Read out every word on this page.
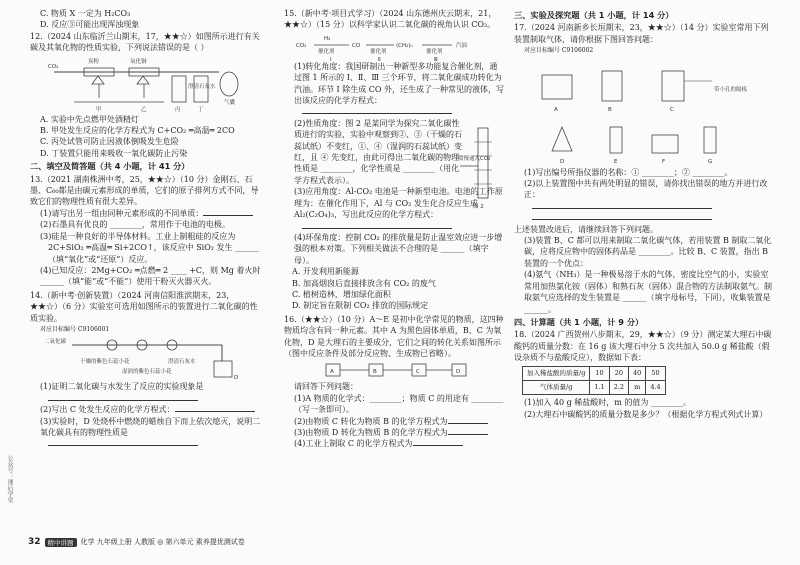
C. 物质 X 一定为 H₂CO₃

D. 反应③可能出现浑浊现象

12.（2024 山东临沂兰山期末，17，★★☆）如图所示进行有关碳及其氧化物的性质实验，下列说法错误的是（ ）

炭粉	氧化铜
CO₂
甲	乙	丙
澄清石灰水
丁
气囊

A. 实验中先点燃甲处酒精灯

B. 甲处发生反应的化学方程式为 C+CO₂ ═高温═ 2CO

C. 丙处试管可防止因液体倒吸发生危险

D. 丁装置只能用来吸收一氧化碳防止污染

二、填空及简答题（共 4 小题，计 41 分）

13.（2021 湖南株洲中考，25，★★☆）（10 分）金刚石、石墨、C₆₀都是由碳元素形成的单质，它们的原子排列方式不同，导致它们的物理性质有很大差异。

(1)请写出另一组由同种元素形成的不同单质：

(2)石墨具有优良的 ________，常用作干电池的电极。

(3)硅是一种良好的半导体材料。工业上制粗硅的反应为

2C+SiO₂ ═高温═ Si+2CO↑，该反应中 SiO₂ 发生 ______（填“氧化”或“还原”）反应。

(4)已知反应：2Mg+CO₂ ═点燃═ 2 ____ +C，则 Mg 着火时 ______（填“能”或“不能”）使用干粉灭火器灭火。

14.（新中考·创新装置）（2024 河南信阳淮滨期末，23，★★☆）（6 分）实验室可选用如图所示的装置进行二氧化碳的性质实验。

对应目标编号 C9106001

二氧化碳
干燥的紫色石蕊小花
湿润的紫色石蕊小花
澄清石灰水
D

(1)证明二氧化碳与水发生了反应的实验现象是

(2)写出 C 处发生反应的化学方程式：

(3)实验时，D 处烧杯中燃烧的蜡烛自下而上依次熄灭，说明二氧化碳具有的物理性质是

15.（新中考·项目式学习）（2024 山东德州庆云期末，21，★★☆）（15 分）以科学家认识二氧化碳的视角认识 CO₂。

CO₂
H₂
催化剂
CO
催化剂
(CH₂)ₙ
催化剂
汽油
Ⅰ	Ⅱ	Ⅲ

(1)转化角度：我国研制出一种新型多功能复合催化剂，通过图 1 所示的 Ⅰ、Ⅱ、Ⅲ 三个环节，将二氧化碳成功转化为汽油。环节 Ⅰ 除生成 CO 外，还生成了一种常见的液体，写出该反应的化学方程式：

(2)性质角度：图 2 是某同学为探究二氧化碳性质进行的实验，实验中观察到②、③（干燥的石蕊试纸）不变红，①、④（湿润的石蕊试纸）变红，且 ④ 先变红，由此可得出二氧化碳的物理性质是 ________，化学性质是 ________（用化学方程式表示）。

缓慢通入CO₂
图 2

(3)应用角度：Al-CO₂ 电池是一种新型电池。电池的工作原理为：在催化作用下，Al 与 CO₂ 发生化合反应生成 Al₂(C₂O₄)₃，写出此反应的化学方程式：

(4)环保角度：控制 CO₂ 的排放量是防止温室效应进一步增强的根本对策。下列相关做法不合理的是 ______（填字母）。

A. 开发利用新能源

B. 加高烟囱后直接排放含有 CO₂ 的废气

C. 植树造林，增加绿化面积

D. 制定旨在限制 CO₂ 排放的国际规定

16.（★★☆）（10 分）A～E 是初中化学常见的物质，这四种物质均含有同一种元素。其中 A 为黑色固体单质，B、C 为氧化物，D 是大理石的主要成分，它们之间的转化关系如图所示（图中反应条件及部分反应物、生成物已省略）。

A	B	C	D

请回答下列问题：

(1)A 物质的化学式：________；物质 C 的用途有 ________（写一条即可）。

(2)由物质 C 转化为物质 B 的化学方程式为

(3)由物质 D 转化为物质 B 的化学方程式为

(4)工业上制取 C 的化学方程式为

三、实验及探究题（共 1 小题，计 14 分）

17.（2024 河南新乡长垣期末，23，★★☆）（14 分）实验室常用下列装置制取气体，请你根据下图回答问题：

对应目标编号 C9106002

A	B	C
带小孔的隔板
D	E	F	G

(1)写出编号所指仪器的名称：① ________；② ________。

(2)以上装置图中共有两处明显的错误，请你找出错误的地方并进行改正：

上述装置改进后，请继续回答下列问题。

(3)装置 B、C 都可以用来制取二氧化碳气体，若用装置 B 制取二氧化碳，应将反应物中的固体药品是 ________。比较 B、C 装置，指出 B 装置的一个优点：

(4)氨气（NH₃）是一种极易溶于水的气体，密度比空气的小，实验室常用加热氯化铵（固体）和熟石灰（固体）混合物的方法制取氨气。制取氨气应选择的发生装置是 ______（填字母标号，下同），收集装置是 ______。

四、计算题（共 1 小题，计 9 分）

18.（2024 广西贺州八步期末，29，★★☆）（9 分）测定某大理石中碳酸钙的质量分数：在 16 g 该大理石中分 5 次共加入 50.0 g 稀盐酸（假设杂质不与盐酸反应），数据如下表：

加入稀盐酸的质量/g	10	20	40	50
气体质量/g	1.1	2.2	m	4.4

(1)加入 40 g 稀盐酸时，m 的值为 ________。

(2)大理石中碳酸钙的质量分数是多少？（根据化学方程式列式计算）

公众号：课后学堂
32	精中讲题	化学 九年级上册 人教版 ◎ 第六单元 素养提优测试卷
